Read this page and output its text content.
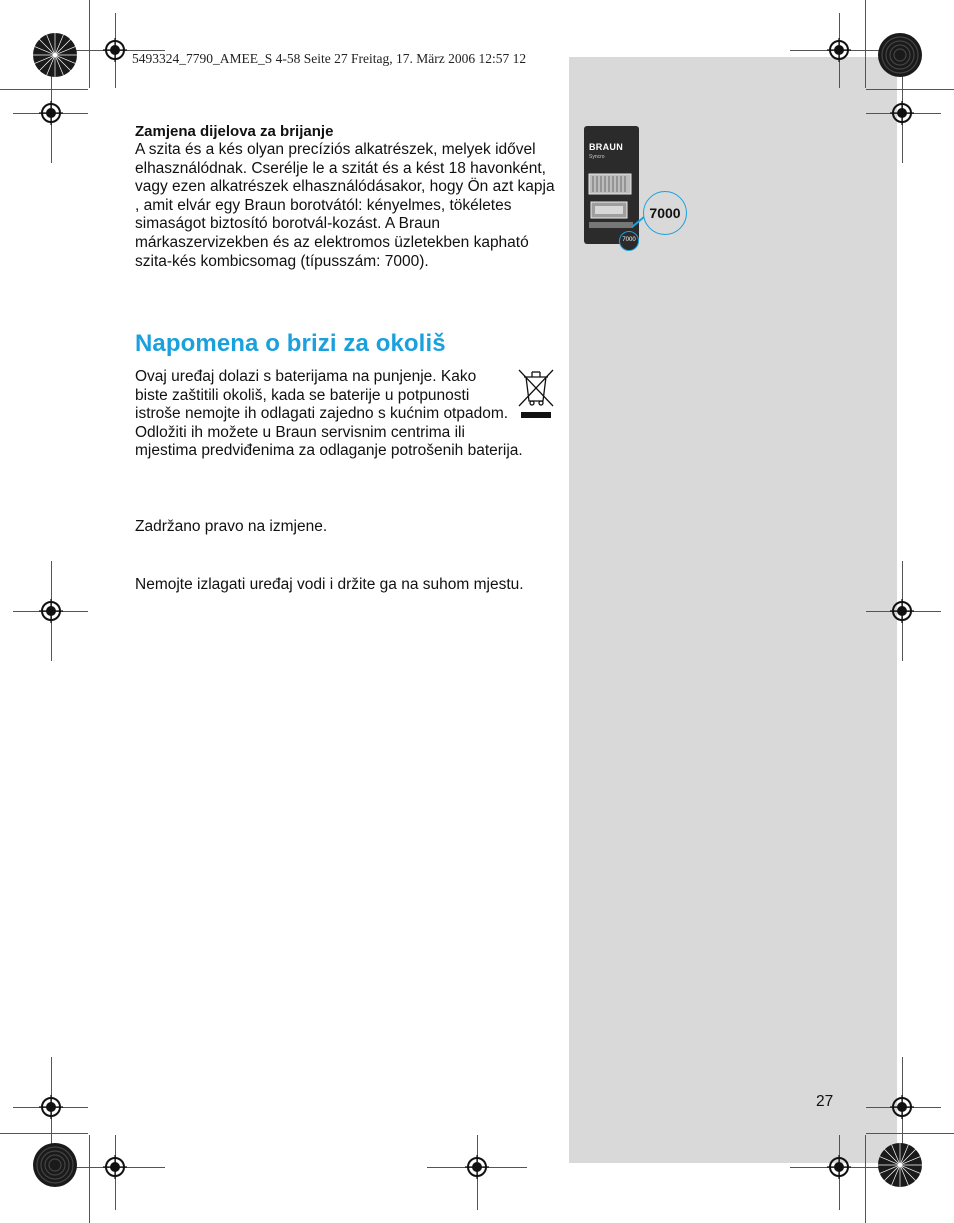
5493324_7790_AMEE_S 4-58 Seite 27 Freitag, 17. März 2006 12:57 12
Zamjena dijelova za brijanje
A szita és a kés olyan precíziós alkatrészek, melyek idővel elhasználódnak. Cserélje le a szitát és a kést 18 havonként, vagy ezen alkatrészek elhasználódásakor, hogy Ön azt kapja , amit elvár egy Braun borotvától: kényelmes, tökéletes simaságot biztosító borotvál-kozást. A Braun márkaszervizekben és az elektromos üzletekben kapható szita-kés kombicsomag (típusszám: 7000).
Napomena o brizi za okoliš
Ovaj uređaj dolazi s baterijama na punjenje. Kako biste zaštitili okoliš, kada se baterije u potpunosti istroše nemojte ih odlagati zajedno s kućnim otpadom. Odložiti ih možete u Braun servisnim centrima ili mjestima predviđenima za odlaganje potrošenih baterija.
Zadržano pravo na izmjene.
Nemojte izlagati uređaj vodi i držite ga na suhom mjestu.
27
BRAUN
Syncro
7000
7000
